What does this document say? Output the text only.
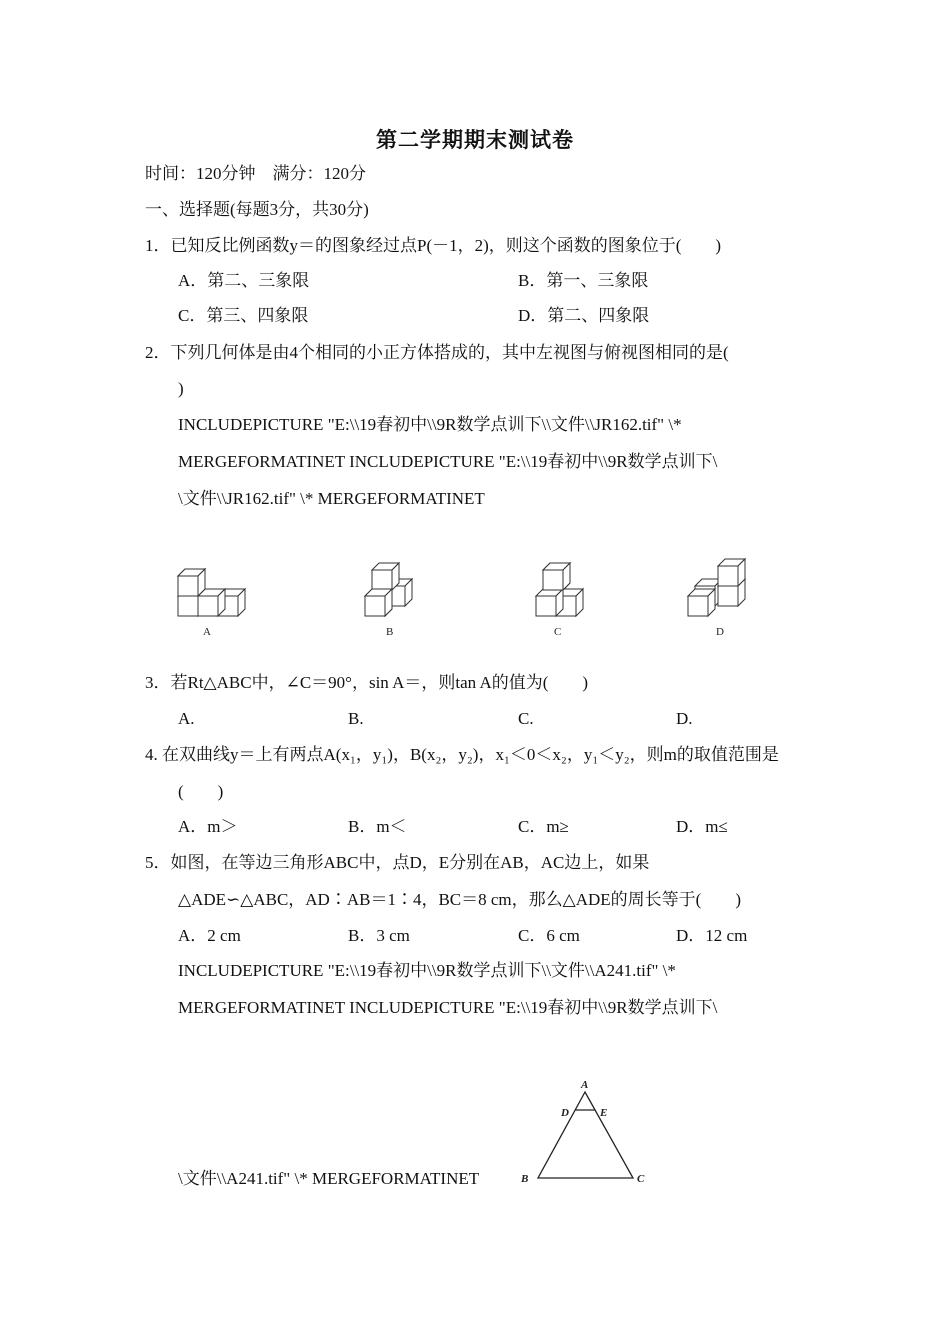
第二学期期末测试卷
时间：120分钟　满分：120分
一、选择题(每题3分，共30分)
1．已知反比例函数y＝的图象经过点P(－1，2)，则这个函数的图象位于(　　)
A．第二、三象限	B．第一、三象限
C．第三、四象限	D．第二、四象限
2．下列几何体是由4个相同的小正方体搭成的，其中左视图与俯视图相同的是(
)
INCLUDEPICTURE "E:\\19春初中\\9R数学点训下\\文件\\JR162.tif" \*
MERGEFORMATINET INCLUDEPICTURE "E:\\19春初中\\9R数学点训下\
\文件\\JR162.tif" \* MERGEFORMATINET
A	B	C	D
3．若Rt△ABC中，∠C＝90°，sin A＝，则tan A的值为(　　)
A.	B.	C.	D.
4. 在双曲线y＝上有两点A(x₁，y₁)，B(x₂，y₂)，x₁＜0＜x₂，y₁＜y₂，则m的取值范围是
(　　)
A．m＞	B．m＜	C．m≥	D．m≤
5．如图，在等边三角形ABC中，点D，E分别在AB，AC边上，如果
△ADE∽△ABC，AD∶AB＝1∶4，BC＝8 cm，那么△ADE的周长等于(　　)
A．2 cm	B．3 cm	C．6 cm	D．12 cm
INCLUDEPICTURE "E:\\19春初中\\9R数学点训下\\文件\\A241.tif" \*
MERGEFORMATINET INCLUDEPICTURE "E:\\19春初中\\9R数学点训下\
\文件\\A241.tif" \* MERGEFORMATINET
A
D	E
B	C
